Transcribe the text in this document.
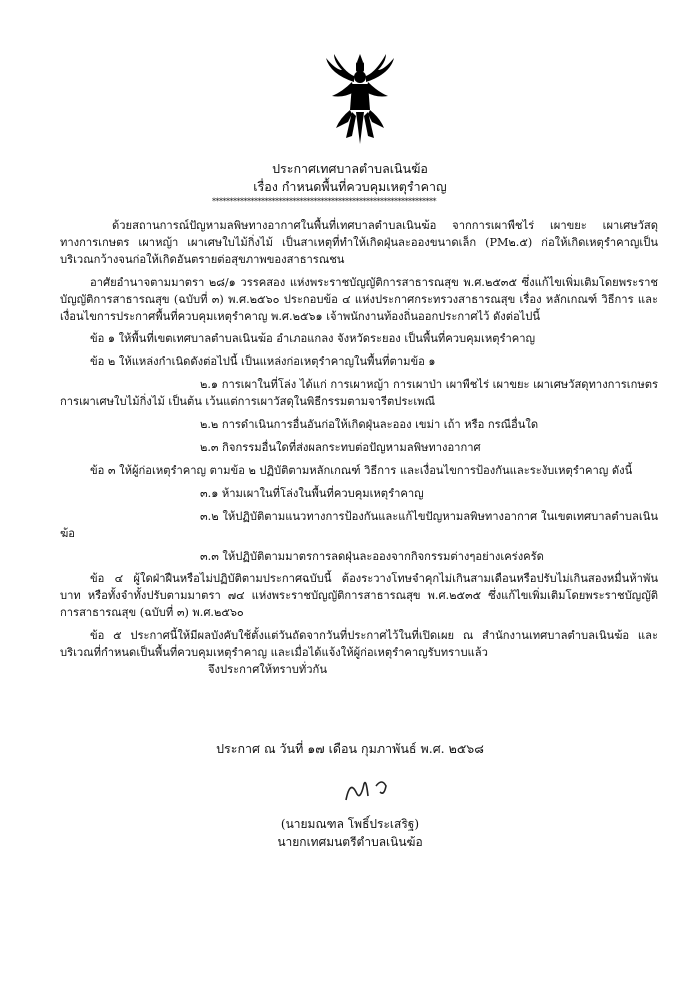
ประกาศเทศบาลตำบลเนินฆ้อ
เรื่อง กำหนดพื้นที่ควบคุมเหตุรำคาญ
****************************************************************

ด้วยสถานการณ์ปัญหามลพิษทางอากาศในพื้นที่เทศบาลตำบลเนินฆ้อ จากการเผาพืชไร่ เผาขยะ เผาเศษวัสดุทางการเกษตร เผาหญ้า เผาเศษใบไม้กิ่งไม้ เป็นสาเหตุที่ทำให้เกิดฝุ่นละอองขนาดเล็ก (PM๒.๕) ก่อให้เกิดเหตุรำคาญเป็นบริเวณกว้างจนก่อให้เกิดอันตรายต่อสุขภาพของสาธารณชน

อาศัยอำนาจตามมาตรา ๒๘/๑ วรรคสอง แห่งพระราชบัญญัติการสาธารณสุข พ.ศ.๒๕๓๕ ซึ่งแก้ไขเพิ่มเติมโดยพระราชบัญญัติการสาธารณสุข (ฉบับที่ ๓) พ.ศ.๒๕๖๐ ประกอบข้อ ๔ แห่งประกาศกระทรวงสาธารณสุข เรื่อง หลักเกณฑ์ วิธีการ และเงื่อนไขการประกาศพื้นที่ควบคุมเหตุรำคาญ พ.ศ.๒๕๖๑ เจ้าพนักงานท้องถิ่นออกประกาศไว้ ดังต่อไปนี้

ข้อ ๑ ให้พื้นที่เขตเทศบาลตำบลเนินฆ้อ อำเภอแกลง จังหวัดระยอง เป็นพื้นที่ควบคุมเหตุรำคาญ

ข้อ ๒ ให้แหล่งกำเนิดดังต่อไปนี้ เป็นแหล่งก่อเหตุรำคาญในพื้นที่ตามข้อ ๑

๒.๑ การเผาในที่โล่ง ได้แก่ การเผาหญ้า การเผาป่า เผาพืชไร่ เผาขยะ เผาเศษวัสดุทางการเกษตร การเผาเศษใบไม้กิ่งไม้ เป็นต้น เว้นแต่การเผาวัสดุในพิธีกรรมตามจารีตประเพณี

๒.๒ การดำเนินการอื่นอันก่อให้เกิดฝุ่นละออง เขม่า เถ้า หรือ กรณีอื่นใด

๒.๓ กิจกรรมอื่นใดที่ส่งผลกระทบต่อปัญหามลพิษทางอากาศ

ข้อ ๓ ให้ผู้ก่อเหตุรำคาญ ตามข้อ ๒ ปฏิบัติตามหลักเกณฑ์ วิธีการ และเงื่อนไขการป้องกันและระงับเหตุรำคาญ ดังนี้

๓.๑ ห้ามเผาในที่โล่งในพื้นที่ควบคุมเหตุรำคาญ

๓.๒ ให้ปฏิบัติตามแนวทางการป้องกันและแก้ไขปัญหามลพิษทางอากาศ ในเขตเทศบาลตำบลเนินฆ้อ

๓.๓ ให้ปฏิบัติตามมาตรการลดฝุ่นละอองจากกิจกรรมต่างๆอย่างเคร่งครัด

ข้อ ๔ ผู้ใดฝ่าฝืนหรือไม่ปฏิบัติตามประกาศฉบับนี้ ต้องระวางโทษจำคุกไม่เกินสามเดือนหรือปรับไม่เกินสองหมื่นห้าพันบาท หรือทั้งจำทั้งปรับตามมาตรา ๗๔ แห่งพระราชบัญญัติการสาธารณสุข พ.ศ.๒๕๓๕ ซึ่งแก้ไขเพิ่มเติมโดยพระราชบัญญัติการสาธารณสุข (ฉบับที่ ๓) พ.ศ.๒๕๖๐

ข้อ ๕ ประกาศนี้ให้มีผลบังคับใช้ตั้งแต่วันถัดจากวันที่ประกาศไว้ในที่เปิดเผย ณ สำนักงานเทศบาลตำบลเนินฆ้อ และบริเวณที่กำหนดเป็นพื้นที่ควบคุมเหตุรำคาญ และเมื่อได้แจ้งให้ผู้ก่อเหตุรำคาญรับทราบแล้ว

จึงประกาศให้ทราบทั่วกัน

ประกาศ ณ วันที่ ๑๗ เดือน กุมภาพันธ์ พ.ศ. ๒๕๖๘
(นายมณฑล โพธิ์ประเสริฐ)
นายกเทศมนตรีตำบลเนินฆ้อ
